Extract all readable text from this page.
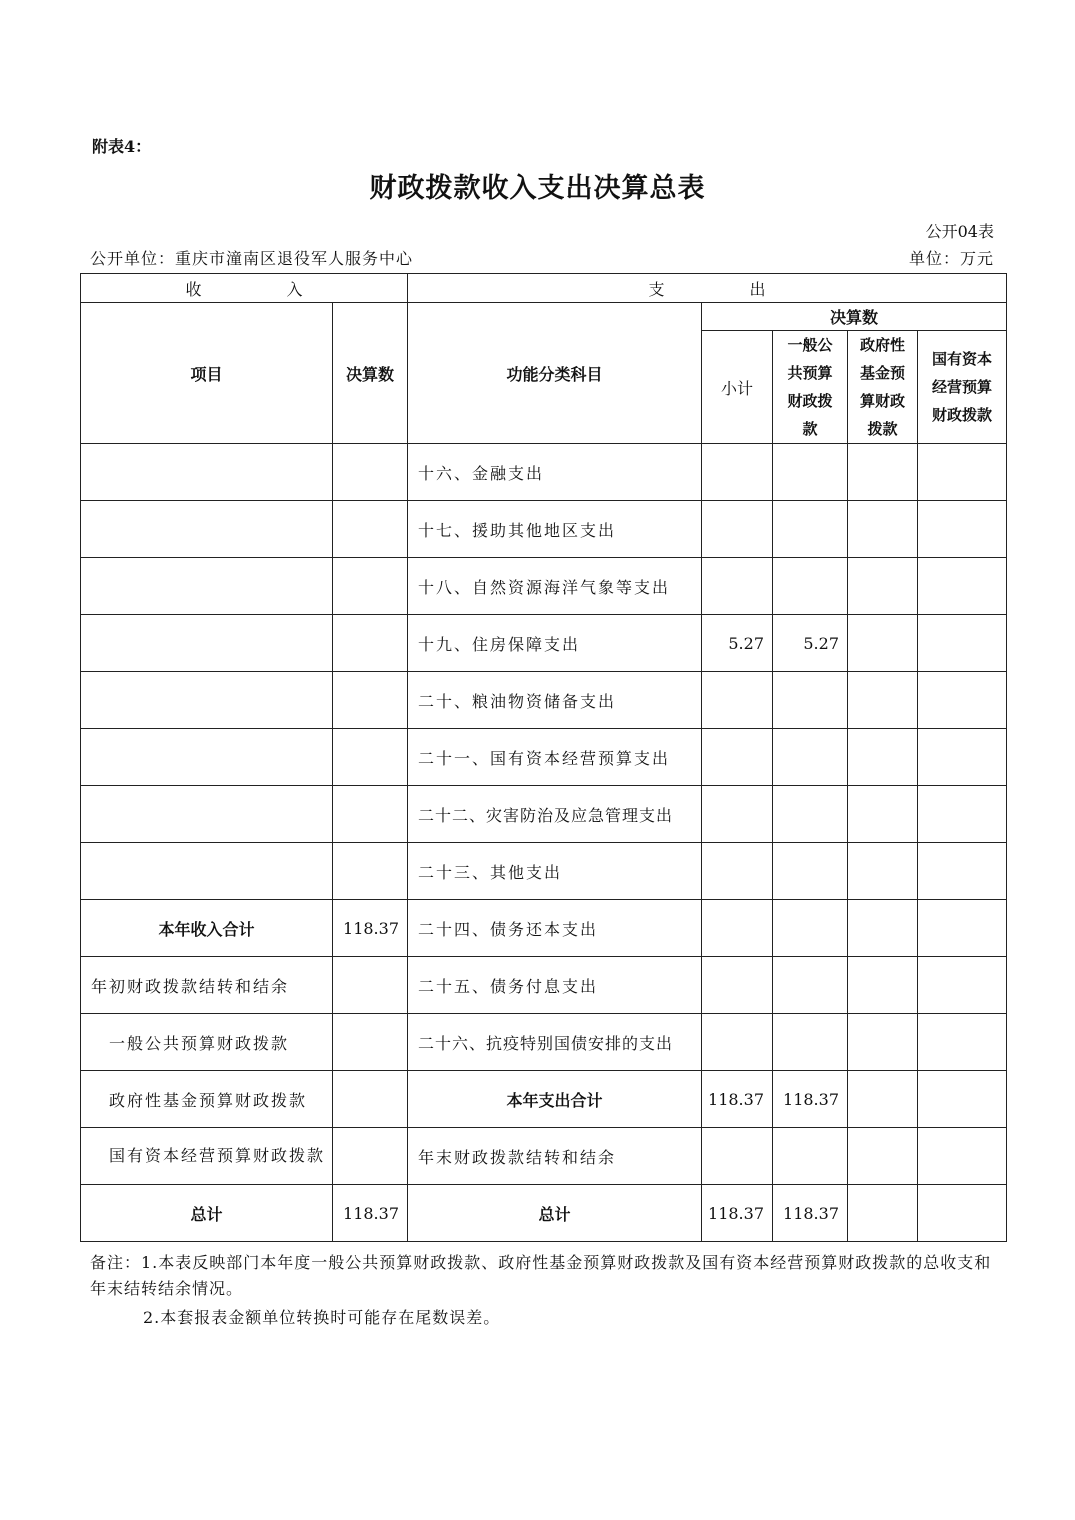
附表4：
财政拨款收入支出决算总表
公开04表
公开单位：重庆市潼南区退役军人服务中心	单位：万元
收 入		支 出				
项目	决算数	功能分类科目	决算数			
			小计	一般公共预算财政拨款	政府性基金预算财政拨款	国有资本经营预算财政拨款
		十六、金融支出				
		十七、援助其他地区支出				
		十八、自然资源海洋气象等支出				
		十九、住房保障支出	5.27	5.27		
		二十、粮油物资储备支出				
		二十一、国有资本经营预算支出				
		二十二、灾害防治及应急管理支出				
		二十三、其他支出				
本年收入合计	118.37	二十四、债务还本支出				
年初财政拨款结转和结余		二十五、债务付息支出				
一般公共预算财政拨款		二十六、抗疫特别国债安排的支出				
政府性基金预算财政拨款		本年支出合计	118.37	118.37		
国有资本经营预算财政拨款		年末财政拨款结转和结余				
总计	118.37	总计	118.37	118.37		
备注：1.本表反映部门本年度一般公共预算财政拨款、政府性基金预算财政拨款及国有资本经营预算财政拨款的总收支和年末结转结余情况。
2.本套报表金额单位转换时可能存在尾数误差。
